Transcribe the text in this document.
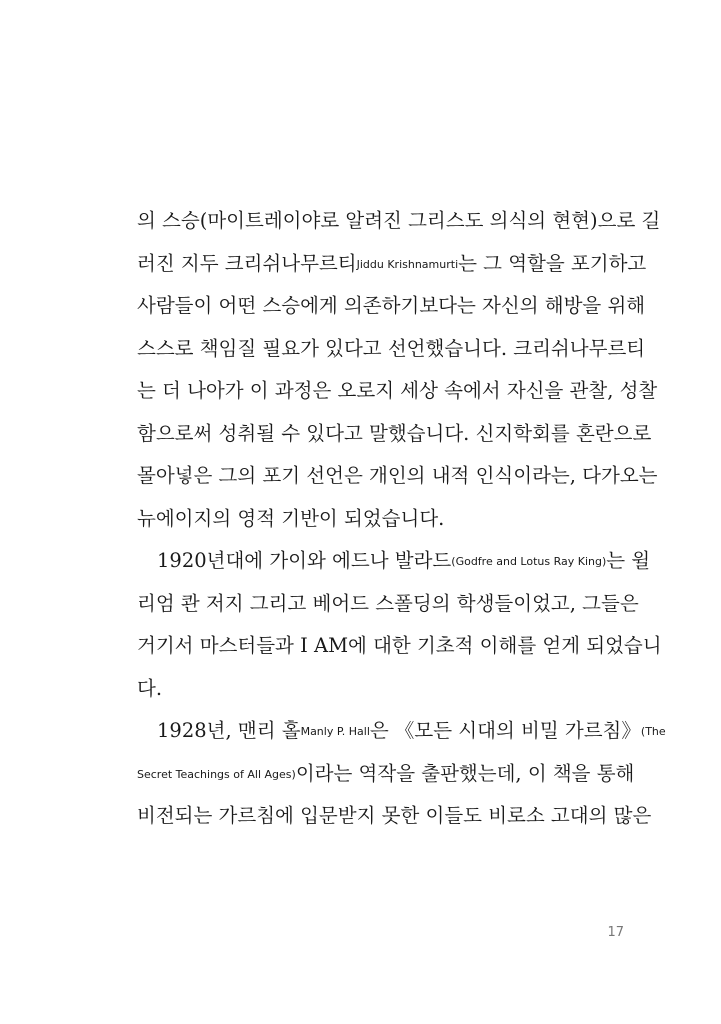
의 스승(마이트레이야로 알려진 그리스도 의식의 현현)으로 길
러진 지두 크리쉬나무르티Jiddu Krishnamurti는 그 역할을 포기하고
사람들이 어떤 스승에게 의존하기보다는 자신의 해방을 위해
스스로 책임질 필요가 있다고 선언했습니다. 크리쉬나무르티
는 더 나아가 이 과정은 오로지 세상 속에서 자신을 관찰, 성찰
함으로써 성취될 수 있다고 말했습니다. 신지학회를 혼란으로
몰아넣은 그의 포기 선언은 개인의 내적 인식이라는, 다가오는
뉴에이지의 영적 기반이 되었습니다.
1920년대에 가이와 에드나 발라드(Godfre and Lotus Ray King)는 윌
리엄 콴 저지 그리고 베어드 스폴딩의 학생들이었고, 그들은
거기서 마스터들과 I AM에 대한 기초적 이해를 얻게 되었습니
다.
1928년, 맨리 홀Manly P. Hall은 《모든 시대의 비밀 가르침》(The
Secret Teachings of All Ages)이라는 역작을 출판했는데, 이 책을 통해
비전되는 가르침에 입문받지 못한 이들도 비로소 고대의 많은
17
